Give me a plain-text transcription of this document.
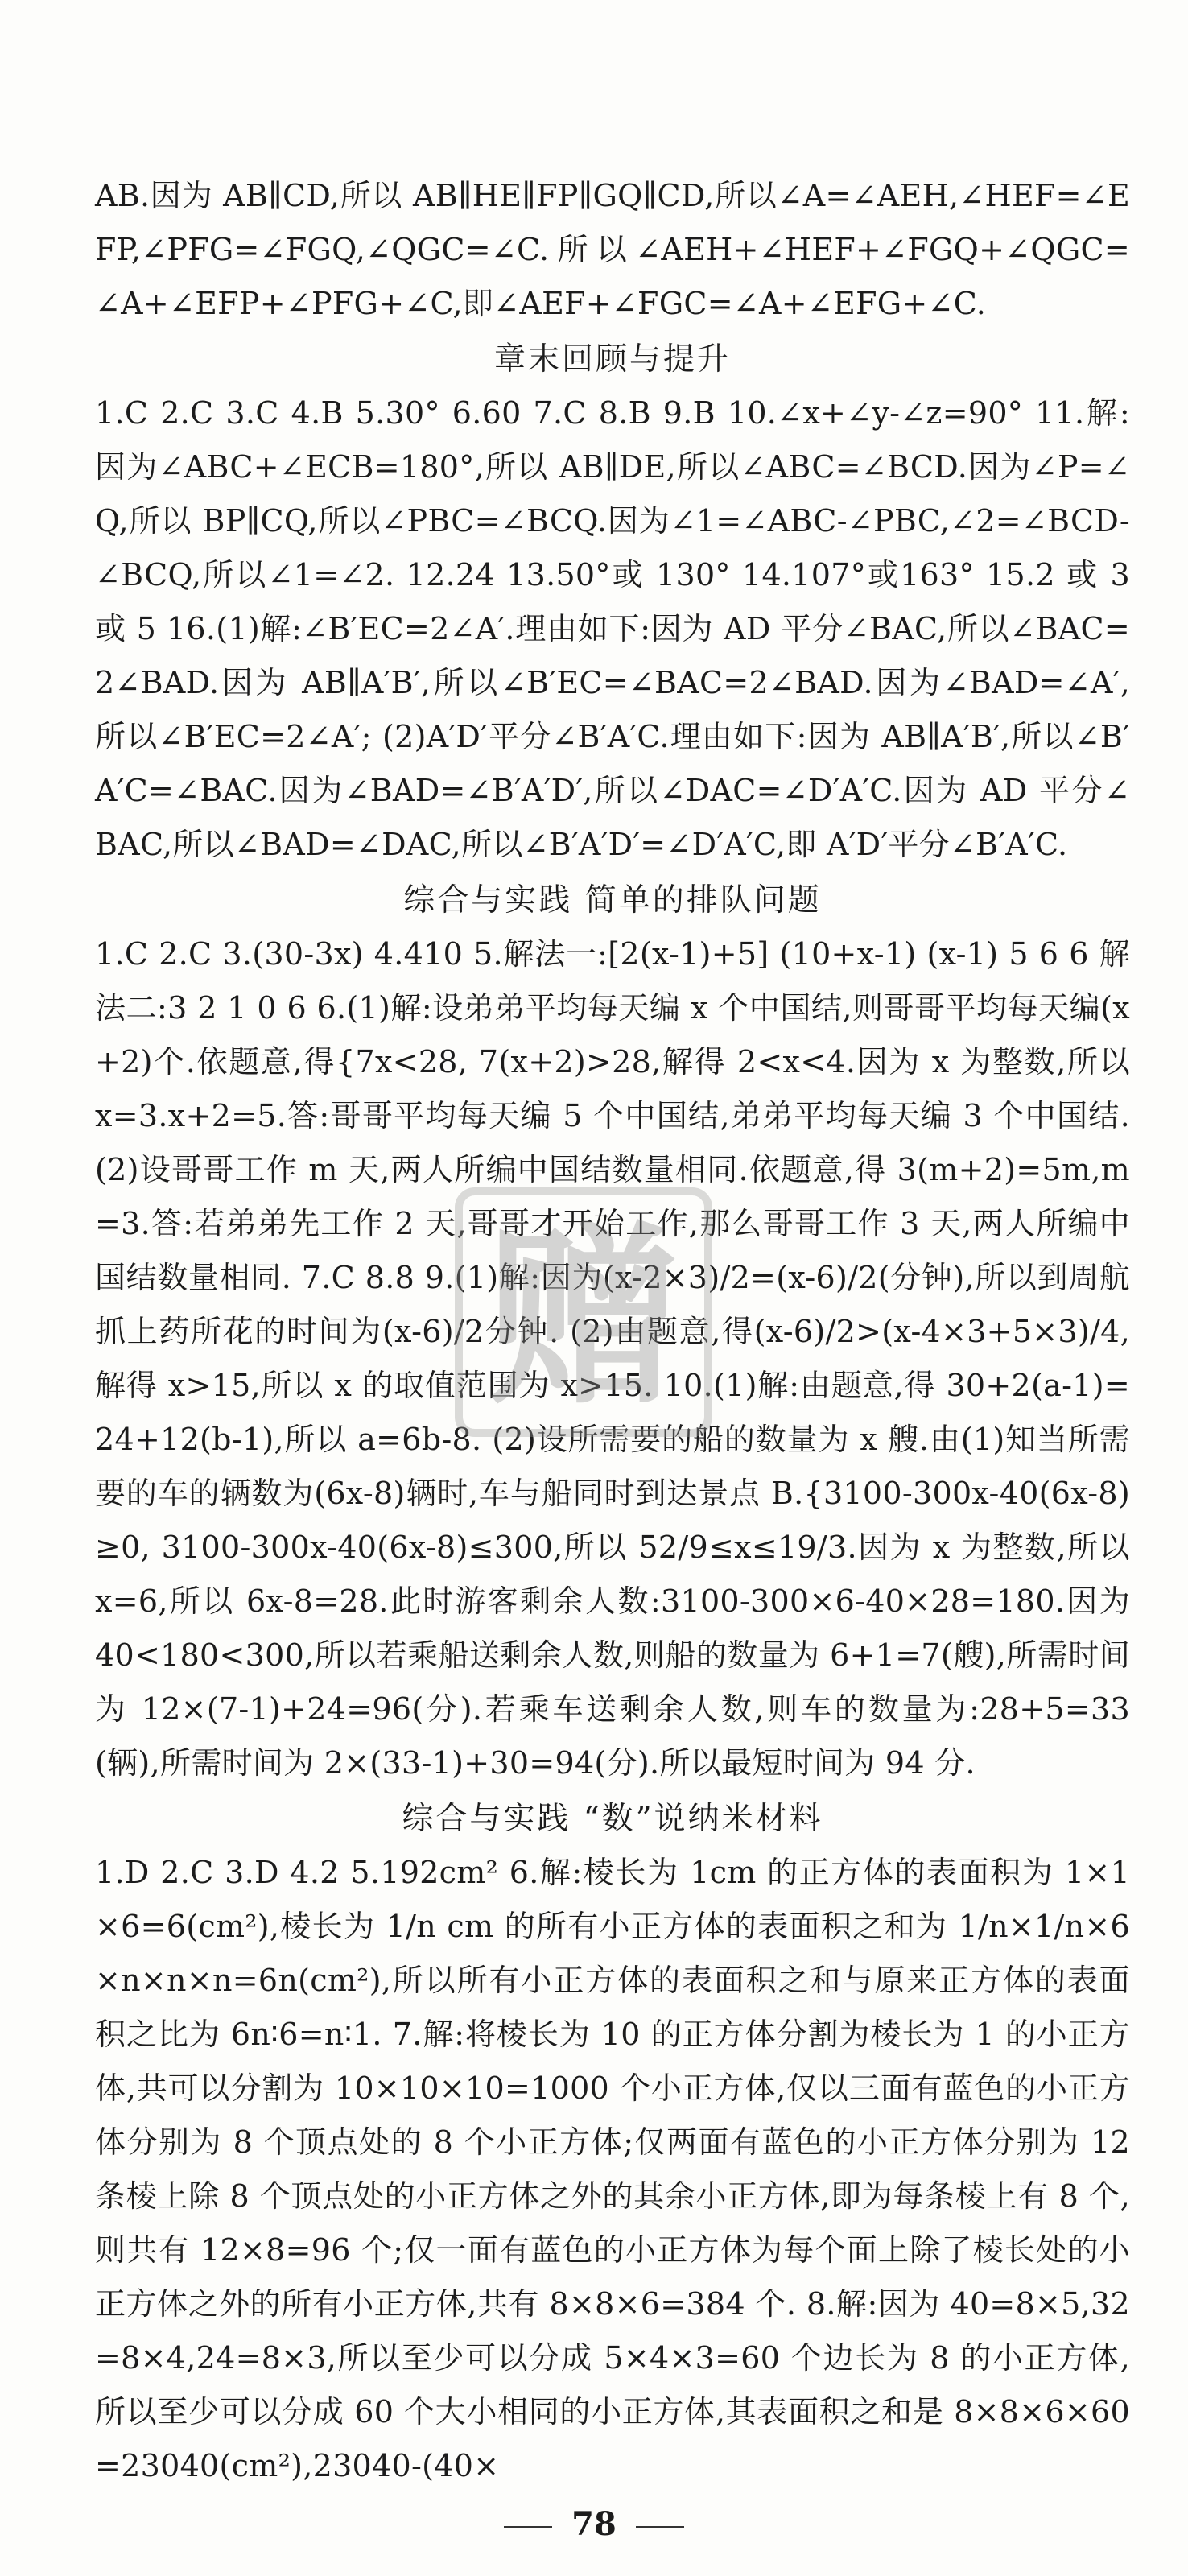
AB.因为 AB∥CD,所以 AB∥HE∥FP∥GQ∥CD,所以∠A=∠AEH,∠HEF=∠EFP,∠PFG=∠FGQ,∠QGC=∠C.所以∠AEH+∠HEF+∠FGQ+∠QGC=∠A+∠EFP+∠PFG+∠C,即∠AEF+∠FGC=∠A+∠EFG+∠C.

章末回顾与提升

1.C 2.C 3.C 4.B 5.30° 6.60 7.C 8.B 9.B 10.∠x+∠y-∠z=90° 11.解:因为∠ABC+∠ECB=180°,所以 AB∥DE,所以∠ABC=∠BCD.因为∠P=∠Q,所以 BP∥CQ,所以∠PBC=∠BCQ.因为∠1=∠ABC-∠PBC,∠2=∠BCD-∠BCQ,所以∠1=∠2. 12.24 13.50°或 130° 14.107°或163° 15.2 或 3 或 5 16.(1)解:∠B′EC=2∠A′.理由如下:因为 AD 平分∠BAC,所以∠BAC=2∠BAD.因为 AB∥A′B′,所以∠B′EC=∠BAC=2∠BAD.因为∠BAD=∠A′,所以∠B′EC=2∠A′; (2)A′D′平分∠B′A′C.理由如下:因为 AB∥A′B′,所以∠B′A′C=∠BAC.因为∠BAD=∠B′A′D′,所以∠DAC=∠D′A′C.因为 AD 平分∠BAC,所以∠BAD=∠DAC,所以∠B′A′D′=∠D′A′C,即 A′D′平分∠B′A′C.

综合与实践 简单的排队问题

1.C 2.C 3.(30-3x) 4.410 5.解法一:[2(x-1)+5] (10+x-1) (x-1) 5 6 6 解法二:3 2 1 0 6 6.(1)解:设弟弟平均每天编 x 个中国结,则哥哥平均每天编(x+2)个.依题意,得{7x<28, 7(x+2)>28,解得 2<x<4.因为 x 为整数,所以 x=3.x+2=5.答:哥哥平均每天编 5 个中国结,弟弟平均每天编 3 个中国结. (2)设哥哥工作 m 天,两人所编中国结数量相同.依题意,得 3(m+2)=5m,m=3.答:若弟弟先工作 2 天,哥哥才开始工作,那么哥哥工作 3 天,两人所编中国结数量相同. 7.C 8.8 9.(1)解:因为(x-2×3)/2=(x-6)/2(分钟),所以到周航抓上药所花的时间为(x-6)/2分钟. (2)由题意,得(x-6)/2>(x-4×3+5×3)/4,解得 x>15,所以 x 的取值范围为 x>15. 10.(1)解:由题意,得 30+2(a-1)=24+12(b-1),所以 a=6b-8. (2)设所需要的船的数量为 x 艘.由(1)知当所需要的车的辆数为(6x-8)辆时,车与船同时到达景点 B.{3100-300x-40(6x-8)≥0, 3100-300x-40(6x-8)≤300,所以 52/9≤x≤19/3.因为 x 为整数,所以 x=6,所以 6x-8=28.此时游客剩余人数:3100-300×6-40×28=180.因为 40<180<300,所以若乘船送剩余人数,则船的数量为 6+1=7(艘),所需时间为 12×(7-1)+24=96(分).若乘车送剩余人数,则车的数量为:28+5=33(辆),所需时间为 2×(33-1)+30=94(分).所以最短时间为 94 分.

综合与实践 “数”说纳米材料

1.D 2.C 3.D 4.2 5.192cm² 6.解:棱长为 1cm 的正方体的表面积为 1×1×6=6(cm²),棱长为 1/n cm 的所有小正方体的表面积之和为 1/n×1/n×6×n×n×n=6n(cm²),所以所有小正方体的表面积之和与原来正方体的表面积之比为 6n∶6=n∶1. 7.解:将棱长为 10 的正方体分割为棱长为 1 的小正方体,共可以分割为 10×10×10=1000 个小正方体,仅以三面有蓝色的小正方体分别为 8 个顶点处的 8 个小正方体;仅两面有蓝色的小正方体分别为 12 条棱上除 8 个顶点处的小正方体之外的其余小正方体,即为每条棱上有 8 个,则共有 12×8=96 个;仅一面有蓝色的小正方体为每个面上除了棱长处的小正方体之外的所有小正方体,共有 8×8×6=384 个. 8.解:因为 40=8×5,32=8×4,24=8×3,所以至少可以分成 5×4×3=60 个边长为 8 的小正方体,所以至少可以分成 60 个大小相同的小正方体,其表面积之和是 8×8×6×60=23040(cm²),23040-(40×

赠
78
